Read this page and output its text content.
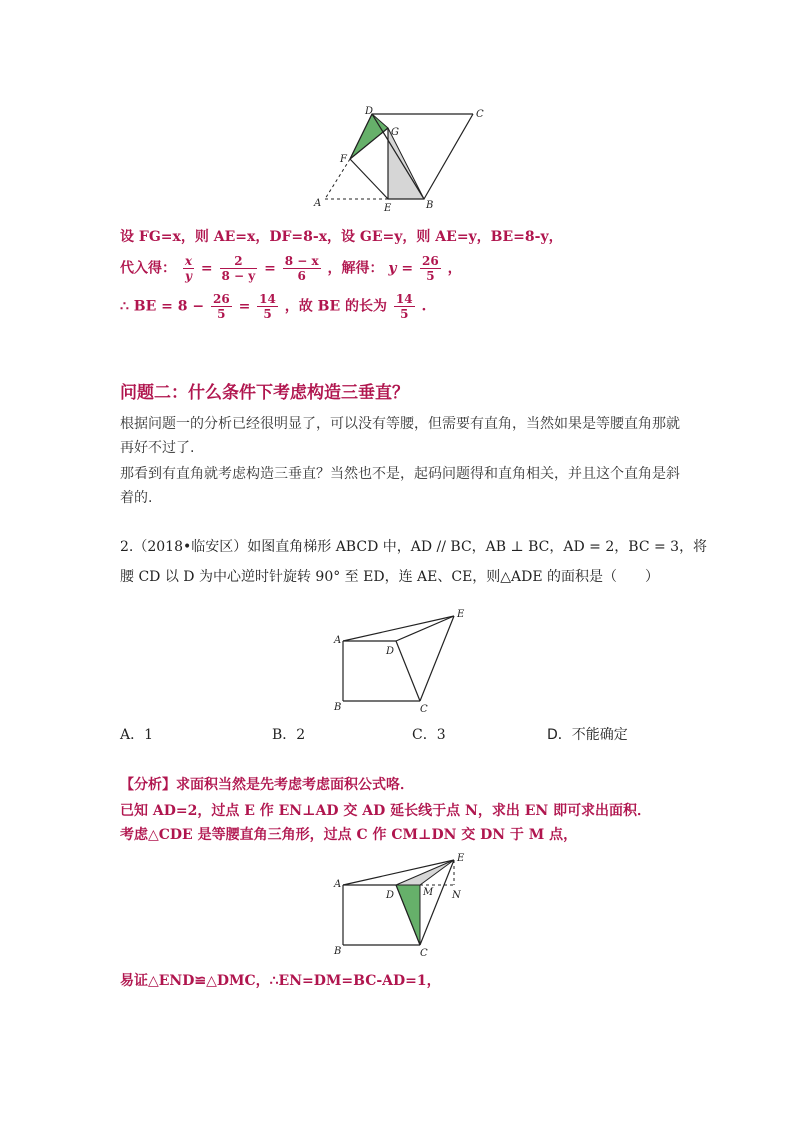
D	C
G
F
A	E	B
设 FG=x，则 AE=x，DF=8-x，设 GE=y，则 AE=y，BE=8-y，
代入得： $\frac{x}{y} = \frac{2}{8 - y} = \frac{8 - x}{6}$ ，解得： $y = \frac{26}{5}$ ，
∴ BE = $8 - \frac{26}{5} = \frac{14}{5}$ ，故 BE 的长为 $\frac{14}{5}$ .
问题二：什么条件下考虑构造三垂直？
根据问题一的分析已经很明显了，可以没有等腰，但需要有直角，当然如果是等腰直角那就再好不过了.
那看到有直角就考虑构造三垂直？当然也不是，起码问题得和直角相关，并且这个直角是斜着的.
2.（2018•临安区）如图直角梯形 ABCD 中，AD // BC，AB ⊥ BC，AD = 2，BC = 3，将
腰 CD 以 D 为中心逆时针旋转 90° 至 ED，连 AE、CE，则△ADE 的面积是（　　）
A
D
E
B	C
A．1	B．2	C．3	D．不能确定
【分析】求面积当然是先考虑考虑面积公式咯．
已知 AD=2，过点 E 作 EN⊥AD 交 AD 延长线于点 N，求出 EN 即可求出面积．
考虑△CDE 是等腰直角三角形，过点 C 作 CM⊥DN 交 DN 于 M 点，
A
D	M N
E
B	C
易证△END≌△DMC，∴EN=DM=BC-AD=1，
